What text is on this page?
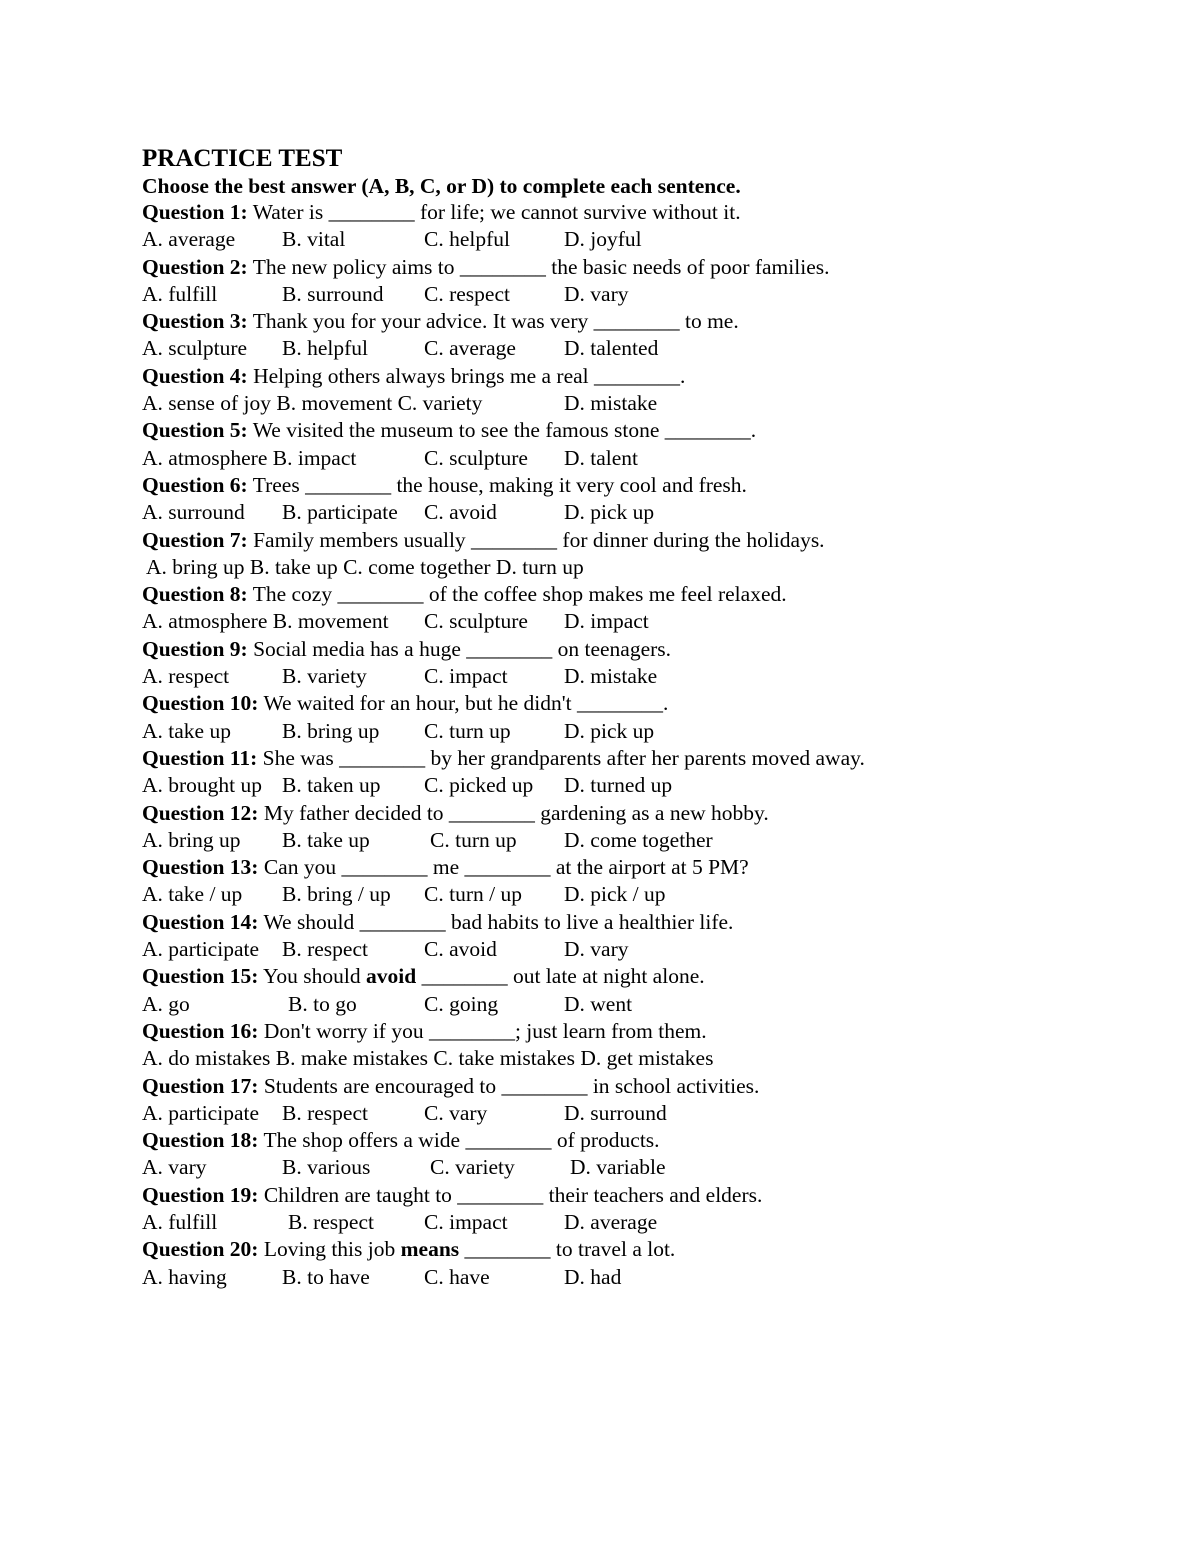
PRACTICE TEST

Choose the best answer (A, B, C, or D) to complete each sentence.

Question 1: Water is ________ for life; we cannot survive without it.

A. average B. vital	C. helpful	D. joyful

Question 2: The new policy aims to ________ the basic needs of poor families.

A. fulfill	B. surround C. respect	D. vary

Question 3: Thank you for your advice. It was very ________ to me.

A. sculpture B. helpful	C. average D. talented

Question 4: Helping others always brings me a real ________.

A. sense of joy B. movement C. variety	D. mistake

Question 5: We visited the museum to see the famous stone ________.

A. atmosphere B. impact	C. sculpture D. talent

Question 6: Trees ________ the house, making it very cool and fresh.

A. surround B. participate C. avoid	D. pick up

Question 7: Family members usually ________ for dinner during the holidays.

A. bring up B. take up C. come together D. turn up

Question 8: The cozy ________ of the coffee shop makes me feel relaxed.

A. atmosphere B. movement C. sculpture D. impact

Question 9: Social media has a huge ________ on teenagers.

A. respect B. variety	C. impact	D. mistake

Question 10: We waited for an hour, but he didn't ________.

A. take up B. bring up C. turn up D. pick up

Question 11: She was ________ by her grandparents after her parents moved away.

A. brought up B. taken up C. picked up D. turned up

Question 12: My father decided to ________ gardening as a new hobby.

A. bring up B. take up	C. turn up D. come together

Question 13: Can you ________ me ________ at the airport at 5 PM?

A. take / up B. bring / up C. turn / up D. pick / up

Question 14: We should ________ bad habits to live a healthier life.

A. participate B. respect	C. avoid	D. vary

Question 15: You should avoid ________ out late at night alone.

A. go	B. to go	C. going	D. went

Question 16: Don't worry if you ________; just learn from them.

A. do mistakes B. make mistakes C. take mistakes D. get mistakes

Question 17: Students are encouraged to ________ in school activities.

A. participate B. respect	C. vary	D. surround

Question 18: The shop offers a wide ________ of products.

A. vary	B. various	C. variety	D. variable

Question 19: Children are taught to ________ their teachers and elders.

A. fulfill	B. respect C. impact	D. average

Question 20: Loving this job means ________ to travel a lot.

A. having	B. to have	C. have	D. had
